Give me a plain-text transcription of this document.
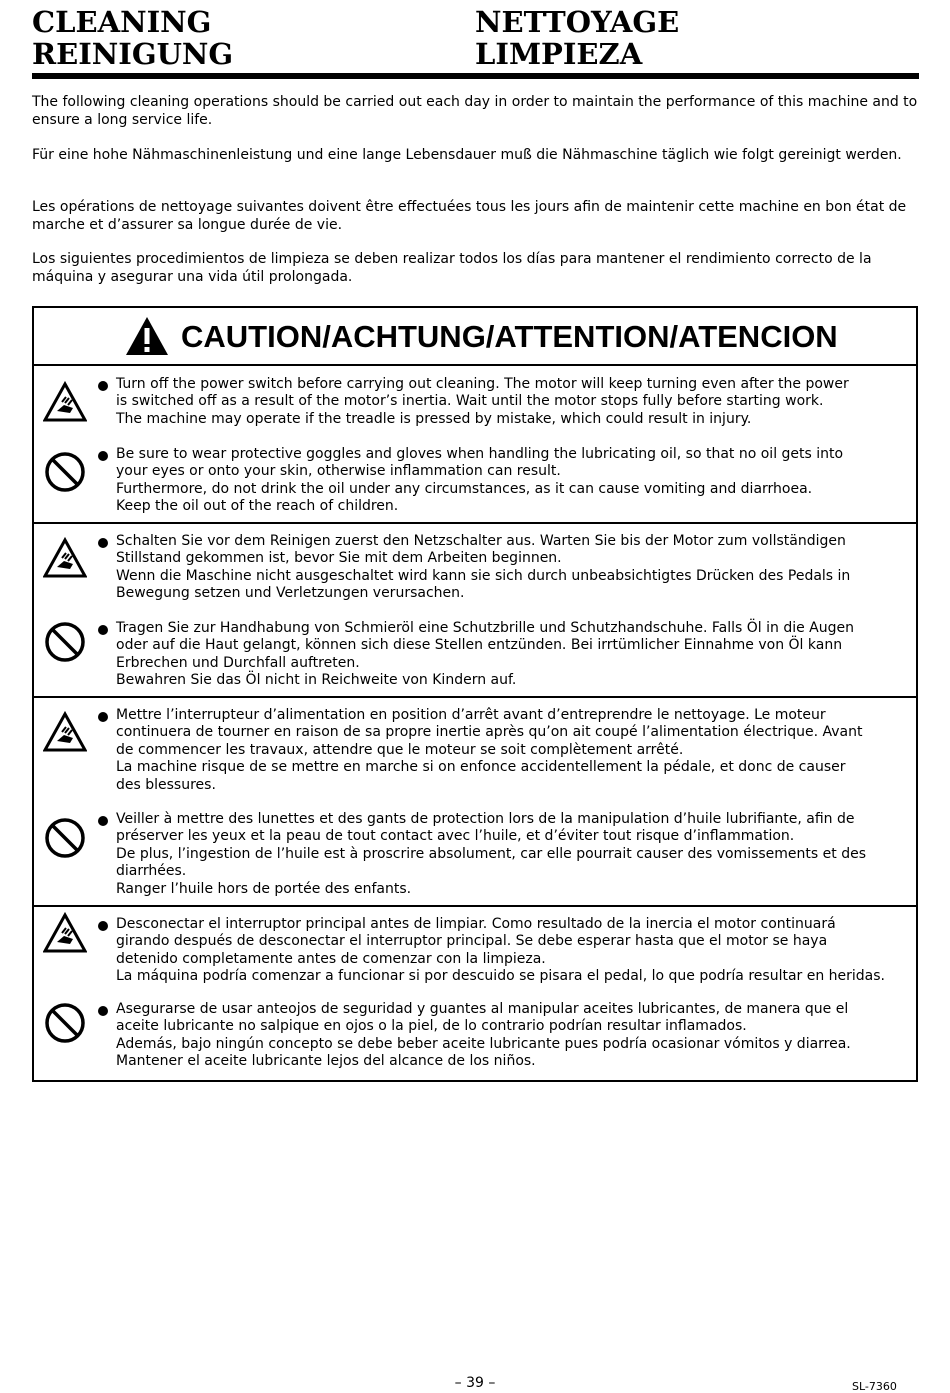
CLEANING
REINIGUNG
NETTOYAGE
LIMPIEZA

The following cleaning operations should be carried out each day in order to maintain the performance of this machine and to ensure a long service life.

Für eine hohe Nähmaschinenleistung und eine lange Lebensdauer muß die Nähmaschine täglich wie folgt gereinigt werden.

Les opérations de nettoyage suivantes doivent être effectuées tous les jours afin de maintenir cette machine en bon état de marche et d’assurer sa longue durée de vie.

Los siguientes procedimientos de limpieza se deben realizar todos los días para mantener el rendimiento correcto de la máquina y asegurar una vida útil prolongada.

CAUTION/ACHTUNG/ATTENTION/ATENCION

Turn off the power switch before carrying out cleaning. The motor will keep turning even after the power
is switched off as a result of the motor’s inertia. Wait until the motor stops fully before starting work.
The machine may operate if the treadle is pressed by mistake, which could result in injury.

Be sure to wear protective goggles and gloves when handling the lubricating oil, so that no oil gets into
your eyes or onto your skin, otherwise inflammation can result.
Furthermore, do not drink the oil under any circumstances, as it can cause vomiting and diarrhoea.
Keep the oil out of the reach of children.

Schalten Sie vor dem Reinigen zuerst den Netzschalter aus. Warten Sie bis der Motor zum vollständigen
Stillstand gekommen ist, bevor Sie mit dem Arbeiten beginnen.
Wenn die Maschine nicht ausgeschaltet wird kann sie sich durch unbeabsichtigtes Drücken des Pedals in
Bewegung setzen und Verletzungen verursachen.

Tragen Sie zur Handhabung von Schmieröl eine Schutzbrille und Schutzhandschuhe. Falls Öl in die Augen
oder auf die Haut gelangt, können sich diese Stellen entzünden. Bei irrtümlicher Einnahme von Öl kann
Erbrechen und Durchfall auftreten.
Bewahren Sie das Öl nicht in Reichweite von Kindern auf.

Mettre l’interrupteur d’alimentation en position d’arrêt avant d’entreprendre le nettoyage. Le moteur
continuera de tourner en raison de sa propre inertie après qu’on ait coupé l’alimentation électrique. Avant
de commencer les travaux, attendre que le moteur se soit complètement arrêté.
La machine risque de se mettre en marche si on enfonce accidentellement la pédale, et donc de causer
des blessures.

Veiller à mettre des lunettes et des gants de protection lors de la manipulation d’huile lubrifiante, afin de
préserver les yeux et la peau de tout contact avec l’huile, et d’éviter tout risque d’inflammation.
De plus, l’ingestion de l’huile est à proscrire absolument, car elle pourrait causer des vomissements et des
diarrhées.
Ranger l’huile hors de portée des enfants.

Desconectar el interruptor principal antes de limpiar. Como resultado de la inercia el motor continuará
girando después de desconectar el interruptor principal. Se debe esperar hasta que el motor se haya
detenido completamente antes de comenzar con la limpieza.
La máquina podría comenzar a funcionar si por descuido se pisara el pedal, lo que podría resultar en heridas.

Asegurarse de usar anteojos de seguridad y guantes al manipular aceites lubricantes, de manera que el
aceite lubricante no salpique en ojos o la piel, de lo contrario podrían resultar inflamados.
Además, bajo ningún concepto se debe beber aceite lubricante pues podría ocasionar vómitos y diarrea.
Mantener el aceite lubricante lejos del alcance de los niños.

– 39 –	SL-7360
